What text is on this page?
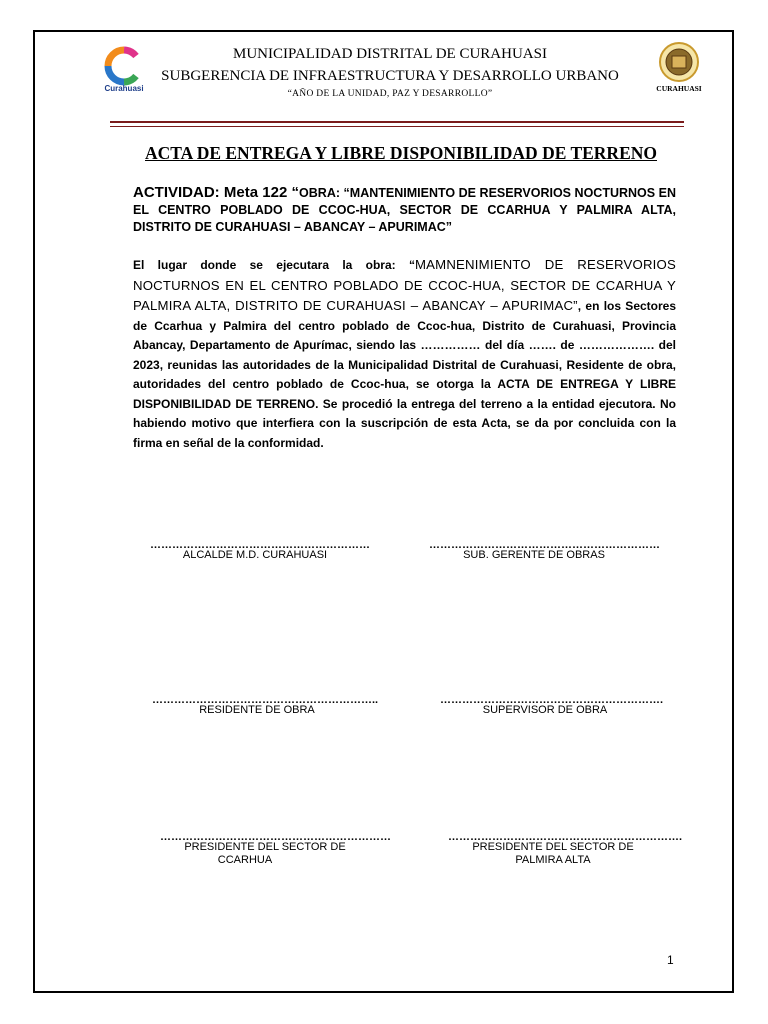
Curahuasi	CURAHUASI
MUNICIPALIDAD DISTRITAL DE CURAHUASI
SUBGERENCIA DE INFRAESTRUCTURA Y DESARROLLO URBANO
“AÑO DE LA UNIDAD, PAZ Y DESARROLLO”
ACTA DE ENTREGA Y LIBRE DISPONIBILIDAD DE TERRENO
ACTIVIDAD: Meta 122 “OBRA: “MANTENIMIENTO DE RESERVORIOS NOCTURNOS EN EL CENTRO POBLADO DE CCOC-HUA, SECTOR DE CCARHUA Y PALMIRA ALTA, DISTRITO DE CURAHUASI – ABANCAY – APURIMAC”
El lugar donde se ejecutara la obra: “MAMNENIMIENTO DE RESERVORIOS NOCTURNOS EN EL CENTRO POBLADO DE CCOC-HUA, SECTOR DE CCARHUA Y PALMIRA ALTA, DISTRITO DE CURAHUASI – ABANCAY – APURIMAC”, en los Sectores de Ccarhua y Palmira del centro poblado de Ccoc-hua, Distrito de Curahuasi, Provincia Abancay, Departamento de Apurímac, siendo las …………… del día ……. de ………………. del 2023, reunidas las autoridades de la Municipalidad Distrital de Curahuasi, Residente de obra, autoridades del centro poblado de Ccoc-hua, se otorga la ACTA DE ENTREGA Y LIBRE DISPONIBILIDAD DE TERRENO. Se procedió la entrega del terreno a la entidad ejecutora. No habiendo motivo que interfiera con la suscripción de esta Acta, se da por concluida con la firma en señal de la conformidad.
……………………………………………………
ALCALDE M.D. CURAHUASI
………………………………………………………
SUB. GERENTE DE OBRAS
……………………………………………………..
RESIDENTE DE OBRA
…………………………………………………….
SUPERVISOR DE OBRA
………………………………………………………
PRESIDENTE DEL SECTOR DE
CCARHUA
……………………………………………………….
PRESIDENTE DEL SECTOR DE
PALMIRA ALTA
1
